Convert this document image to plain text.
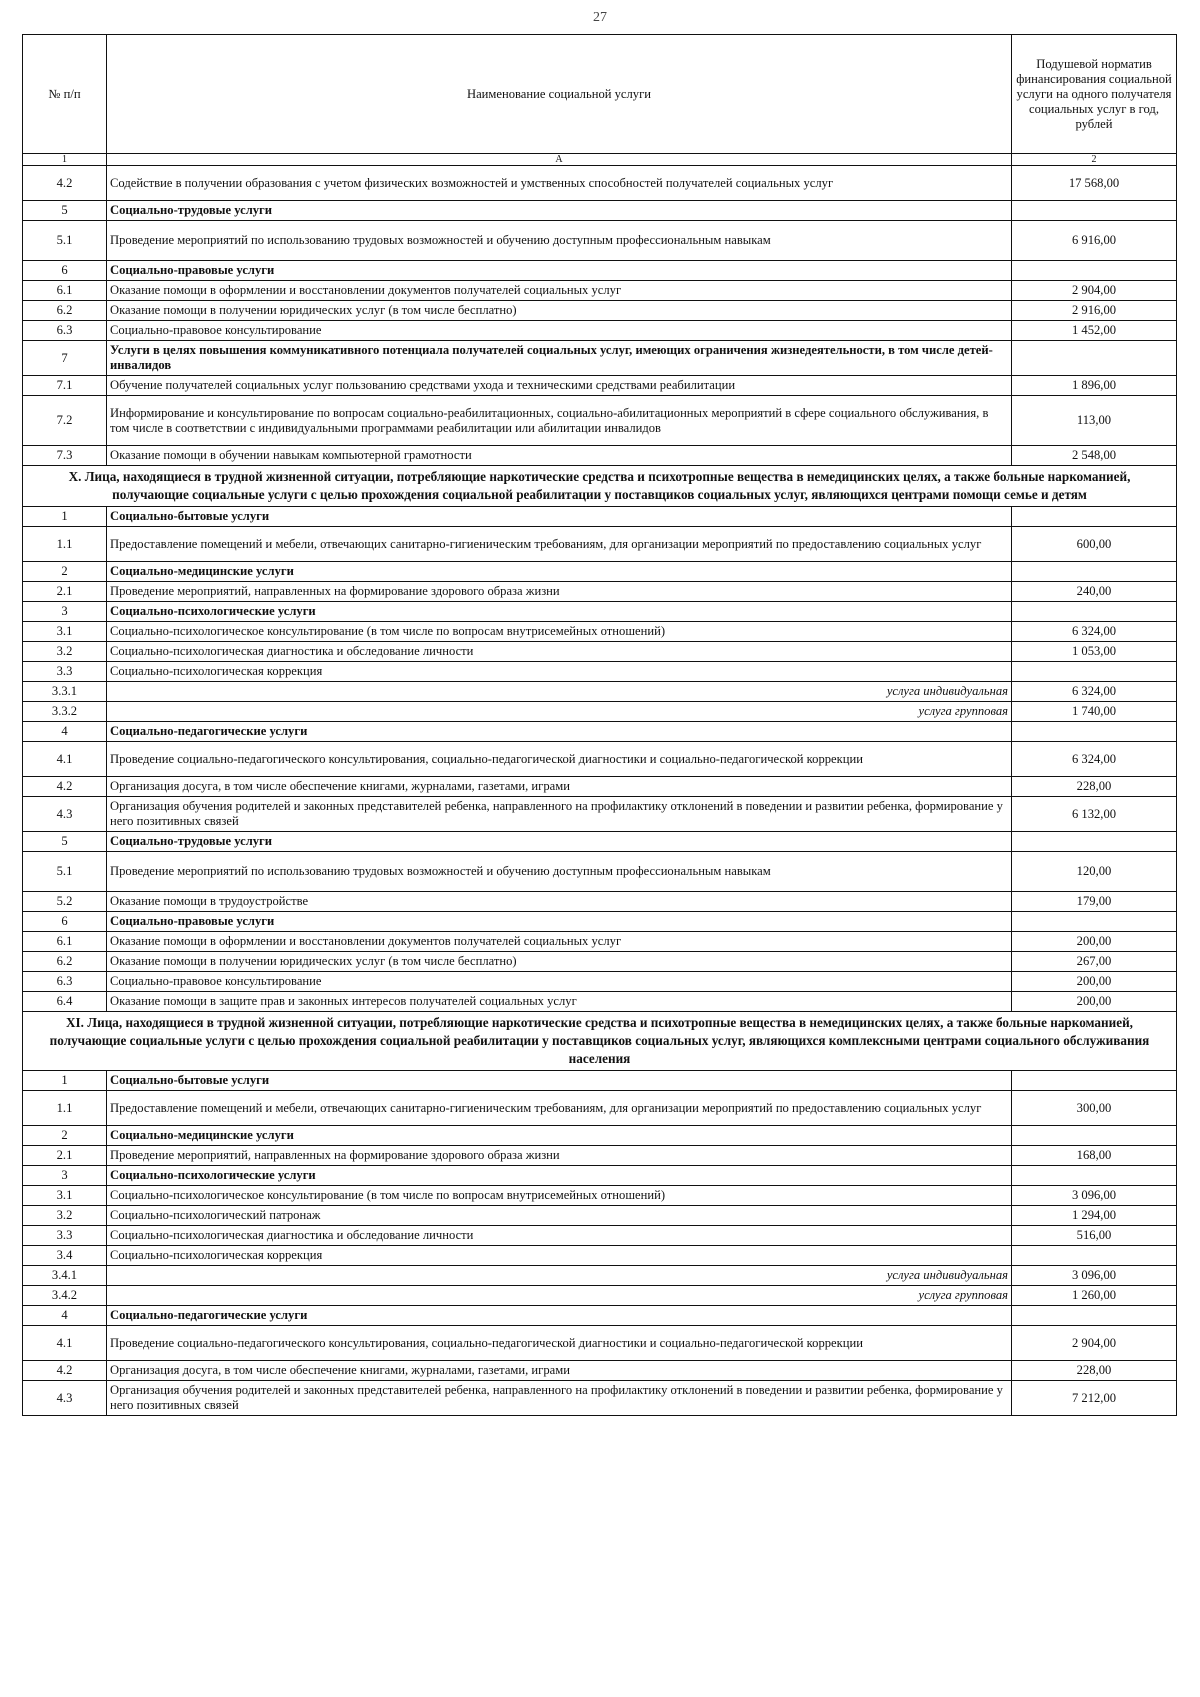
27
№ п/п	Наименование социальной услуги	Подушевой норматив финансирования социальной услуги на одного получателя социальных услуг в год, рублей
1	А	2
4.2	Содействие в получении образования с учетом физических возможностей и умственных способностей получателей социальных услуг	17 568,00
5	Социально-трудовые услуги	
5.1	Проведение мероприятий по использованию трудовых возможностей и обучению доступным профессиональным навыкам	6 916,00
6	Социально-правовые услуги	
6.1	Оказание помощи в оформлении и восстановлении документов получателей социальных услуг	2 904,00
6.2	Оказание помощи в получении юридических услуг (в том числе бесплатно)	2 916,00
6.3	Социально-правовое консультирование	1 452,00
7	Услуги в целях повышения коммуникативного потенциала получателей социальных услуг, имеющих ограничения жизнедеятельности, в том числе детей-инвалидов	
7.1	Обучение получателей социальных услуг пользованию средствами ухода и техническими средствами реабилитации	1 896,00
7.2	Информирование и консультирование по вопросам социально-реабилитационных, социально-абилитационных мероприятий в сфере социального обслуживания, в том числе в соответствии с индивидуальными программами реабилитации или абилитации инвалидов	113,00
7.3	Оказание помощи в обучении навыкам компьютерной грамотности	2 548,00
X. Лица, находящиеся в трудной жизненной ситуации, потребляющие наркотические средства и психотропные вещества в немедицинских целях, а также больные наркоманией, получающие социальные услуги с целью прохождения социальной реабилитации у поставщиков социальных услуг, являющихся центрами помощи семье и детям		
1	Социально-бытовые услуги	
1.1	Предоставление помещений и мебели, отвечающих санитарно-гигиеническим требованиям, для организации мероприятий по предоставлению социальных услуг	600,00
2	Социально-медицинские услуги	
2.1	Проведение мероприятий, направленных на формирование здорового образа жизни	240,00
3	Социально-психологические услуги	
3.1	Социально-психологическое консультирование (в том числе по вопросам внутрисемейных отношений)	6 324,00
3.2	Социально-психологическая диагностика и обследование личности	1 053,00
3.3	Социально-психологическая коррекция	
3.3.1	услуга индивидуальная	6 324,00
3.3.2	услуга групповая	1 740,00
4	Социально-педагогические услуги	
4.1	Проведение социально-педагогического консультирования, социально-педагогической диагностики и социально-педагогической коррекции	6 324,00
4.2	Организация досуга, в том числе обеспечение книгами, журналами, газетами, играми	228,00
4.3	Организация обучения родителей и законных представителей ребенка, направленного на профилактику отклонений в поведении и развитии ребенка, формирование у него позитивных связей	6 132,00
5	Социально-трудовые услуги	
5.1	Проведение мероприятий по использованию трудовых возможностей и обучению доступным профессиональным навыкам	120,00
5.2	Оказание помощи в трудоустройстве	179,00
6	Социально-правовые услуги	
6.1	Оказание помощи в оформлении и восстановлении документов получателей социальных услуг	200,00
6.2	Оказание помощи в получении юридических услуг (в том числе бесплатно)	267,00
6.3	Социально-правовое консультирование	200,00
6.4	Оказание помощи в защите прав и законных интересов получателей социальных услуг	200,00
XI. Лица, находящиеся в трудной жизненной ситуации, потребляющие наркотические средства и психотропные вещества в немедицинских целях, а также больные наркоманией, получающие социальные услуги с целью прохождения социальной реабилитации у поставщиков социальных услуг, являющихся комплексными центрами социального обслуживания населения		
1	Социально-бытовые услуги	
1.1	Предоставление помещений и мебели, отвечающих санитарно-гигиеническим требованиям, для организации мероприятий по предоставлению социальных услуг	300,00
2	Социально-медицинские услуги	
2.1	Проведение мероприятий, направленных на формирование здорового образа жизни	168,00
3	Социально-психологические услуги	
3.1	Социально-психологическое консультирование (в том числе по вопросам внутрисемейных отношений)	3 096,00
3.2	Социально-психологический патронаж	1 294,00
3.3	Социально-психологическая диагностика и обследование личности	516,00
3.4	Социально-психологическая коррекция	
3.4.1	услуга индивидуальная	3 096,00
3.4.2	услуга групповая	1 260,00
4	Социально-педагогические услуги	
4.1	Проведение социально-педагогического консультирования, социально-педагогической диагностики и социально-педагогической коррекции	2 904,00
4.2	Организация досуга, в том числе обеспечение книгами, журналами, газетами, играми	228,00
4.3	Организация обучения родителей и законных представителей ребенка, направленного на профилактику отклонений в поведении и развитии ребенка, формирование у него позитивных связей	7 212,00
